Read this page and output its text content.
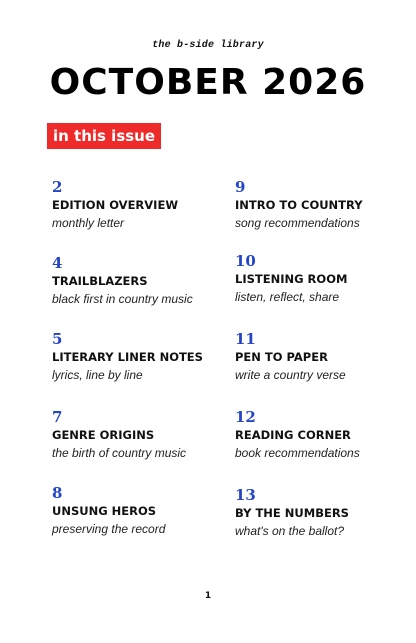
the b-side library
OCTOBER 2026
in this issue
2
EDITION OVERVIEW
monthly letter
4
TRAILBLAZERS
black first in country music
5
LITERARY LINER NOTES
lyrics, line by line
7
GENRE ORIGINS
the birth of country music
8
UNSUNG HEROS
preserving the record
9
INTRO TO COUNTRY
song recommendations
10
LISTENING ROOM
listen, reflect, share
11
PEN TO PAPER
write a country verse
12
READING CORNER
book recommendations
13
BY THE NUMBERS
what's on the ballot?
1
